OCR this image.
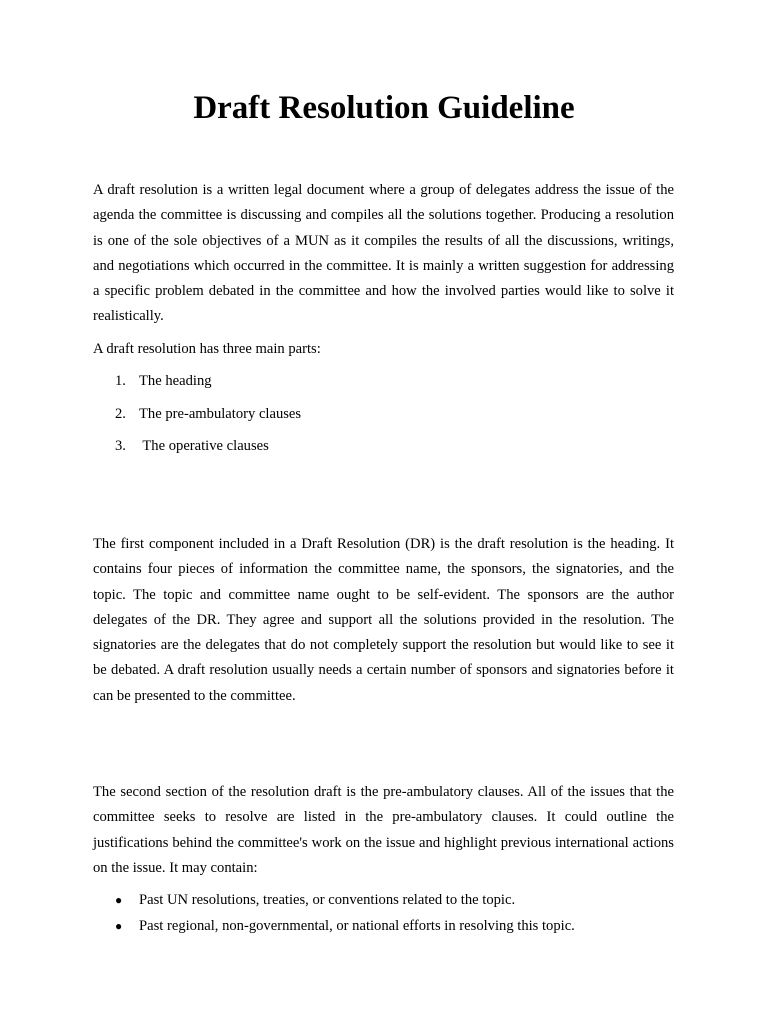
Draft Resolution Guideline

A draft resolution is a written legal document where a group of delegates address the issue of the agenda the committee is discussing and compiles all the solutions together. Producing a resolution is one of the sole objectives of a MUN as it compiles the results of all the discussions, writings, and negotiations which occurred in the committee. It is mainly a written suggestion for addressing a specific problem debated in the committee and how the involved parties would like to solve it realistically.

A draft resolution has three main parts:

1. The heading
2. The pre-ambulatory clauses
3. The operative clauses

The first component included in a Draft Resolution (DR) is the draft resolution is the heading. It contains four pieces of information the committee name, the sponsors, the signatories, and the topic. The topic and committee name ought to be self-evident. The sponsors are the author delegates of the DR. They agree and support all the solutions provided in the resolution. The signatories are the delegates that do not completely support the resolution but would like to see it be debated. A draft resolution usually needs a certain number of sponsors and signatories before it can be presented to the committee.

The second section of the resolution draft is the pre-ambulatory clauses. All of the issues that the committee seeks to resolve are listed in the pre-ambulatory clauses. It could outline the justifications behind the committee's work on the issue and highlight previous international actions on the issue. It may contain:

● Past UN resolutions, treaties, or conventions related to the topic.
● Past regional, non-governmental, or national efforts in resolving this topic.
